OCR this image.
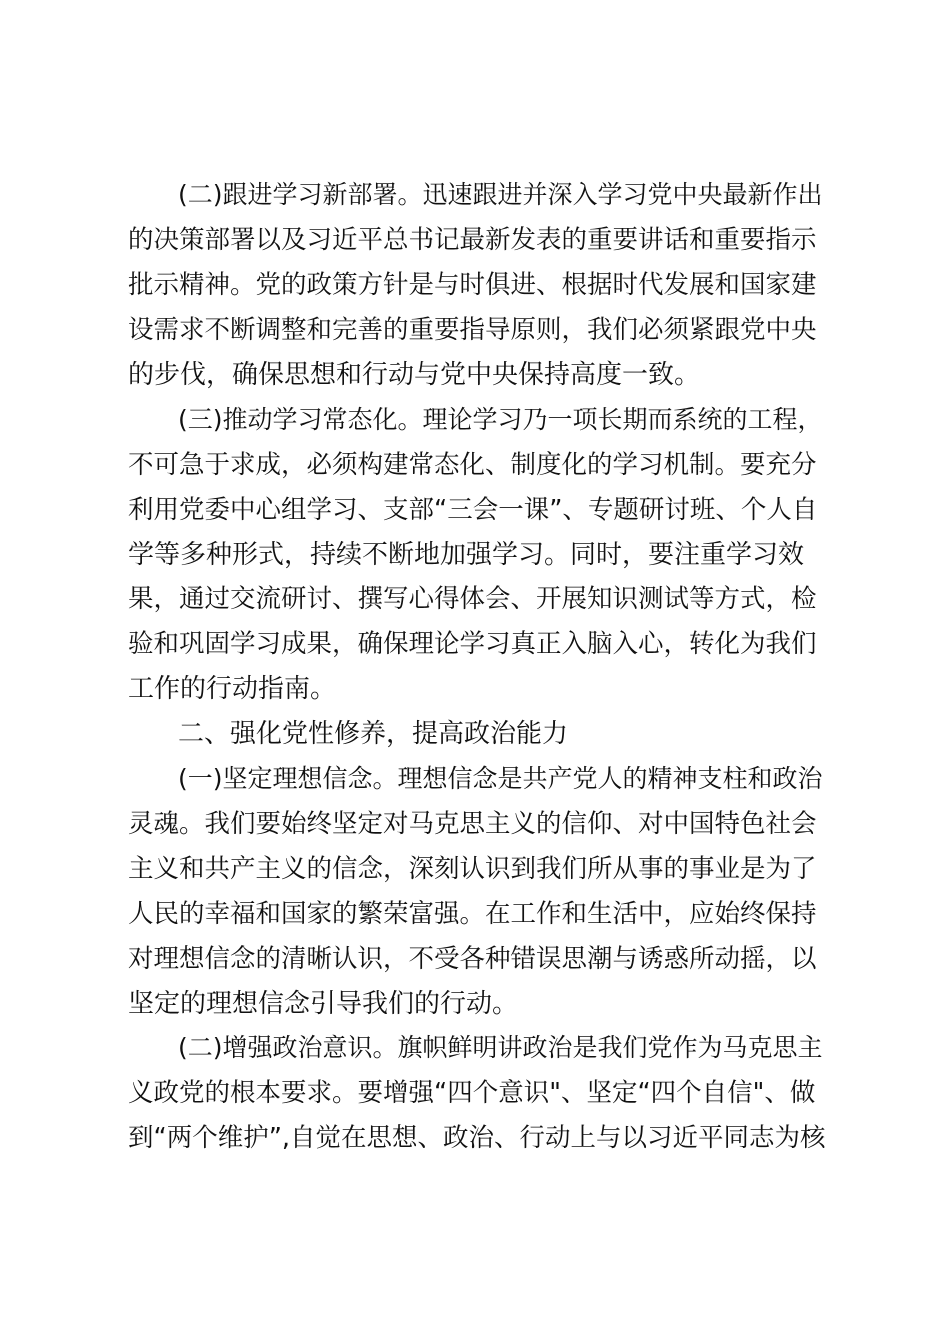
(二)跟进学习新部署。迅速跟进并深入学习党中央最新作出
的决策部署以及习近平总书记最新发表的重要讲话和重要指示
批示精神。党的政策方针是与时俱进、根据时代发展和国家建
设需求不断调整和完善的重要指导原则，我们必须紧跟党中央
的步伐，确保思想和行动与党中央保持高度一致。
(三)推动学习常态化。理论学习乃一项长期而系统的工程，
不可急于求成，必须构建常态化、制度化的学习机制。要充分
利用党委中心组学习、支部“三会一课”、专题研讨班、个人自
学等多种形式，持续不断地加强学习。同时，要注重学习效
果，通过交流研讨、撰写心得体会、开展知识测试等方式，检
验和巩固学习成果，确保理论学习真正入脑入心，转化为我们
工作的行动指南。
二、强化党性修养，提高政治能力
(一)坚定理想信念。理想信念是共产党人的精神支柱和政治
灵魂。我们要始终坚定对马克思主义的信仰、对中国特色社会
主义和共产主义的信念，深刻认识到我们所从事的事业是为了
人民的幸福和国家的繁荣富强。在工作和生活中，应始终保持
对理想信念的清晰认识，不受各种错误思潮与诱惑所动摇，以
坚定的理想信念引导我们的行动。
(二)增强政治意识。旗帜鲜明讲政治是我们党作为马克思主
义政党的根本要求。要增强“四个意识"、坚定“四个自信"、做
到“两个维护”,自觉在思想、政治、行动上与以习近平同志为核
